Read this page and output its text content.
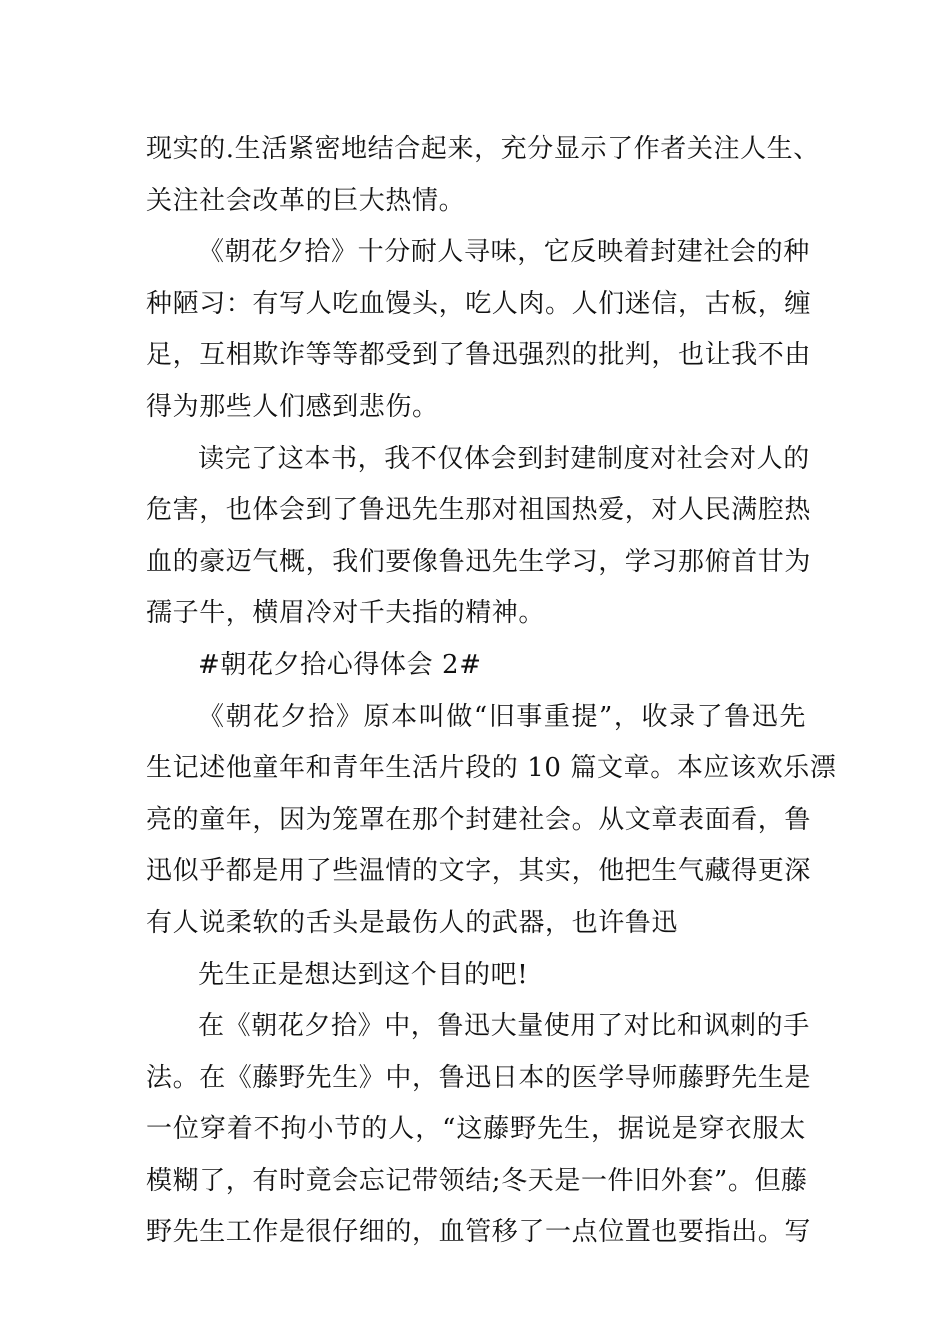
现实的.生活紧密地结合起来，充分显示了作者关注人生、
关注社会改革的巨大热情。
《朝花夕拾》十分耐人寻味，它反映着封建社会的种
种陋习：有写人吃血馒头，吃人肉。人们迷信，古板，缠
足，互相欺诈等等都受到了鲁迅强烈的批判，也让我不由
得为那些人们感到悲伤。
读完了这本书，我不仅体会到封建制度对社会对人的
危害，也体会到了鲁迅先生那对祖国热爱，对人民满腔热
血的豪迈气概，我们要像鲁迅先生学习，学习那俯首甘为
孺子牛，横眉冷对千夫指的精神。
#朝花夕拾心得体会 2#
《朝花夕拾》原本叫做“旧事重提”，收录了鲁迅先
生记述他童年和青年生活片段的 10 篇文章。本应该欢乐漂
亮的童年，因为笼罩在那个封建社会。从文章表面看，鲁
迅似乎都是用了些温情的文字，其实，他把生气藏得更深
有人说柔软的舌头是最伤人的武器，也许鲁迅
先生正是想达到这个目的吧!
在《朝花夕拾》中，鲁迅大量使用了对比和讽刺的手
法。在《藤野先生》中，鲁迅日本的医学导师藤野先生是
一位穿着不拘小节的人，“这藤野先生，据说是穿衣服太
模糊了，有时竟会忘记带领结;冬天是一件旧外套”。但藤
野先生工作是很仔细的，血管移了一点位置也要指出。写
